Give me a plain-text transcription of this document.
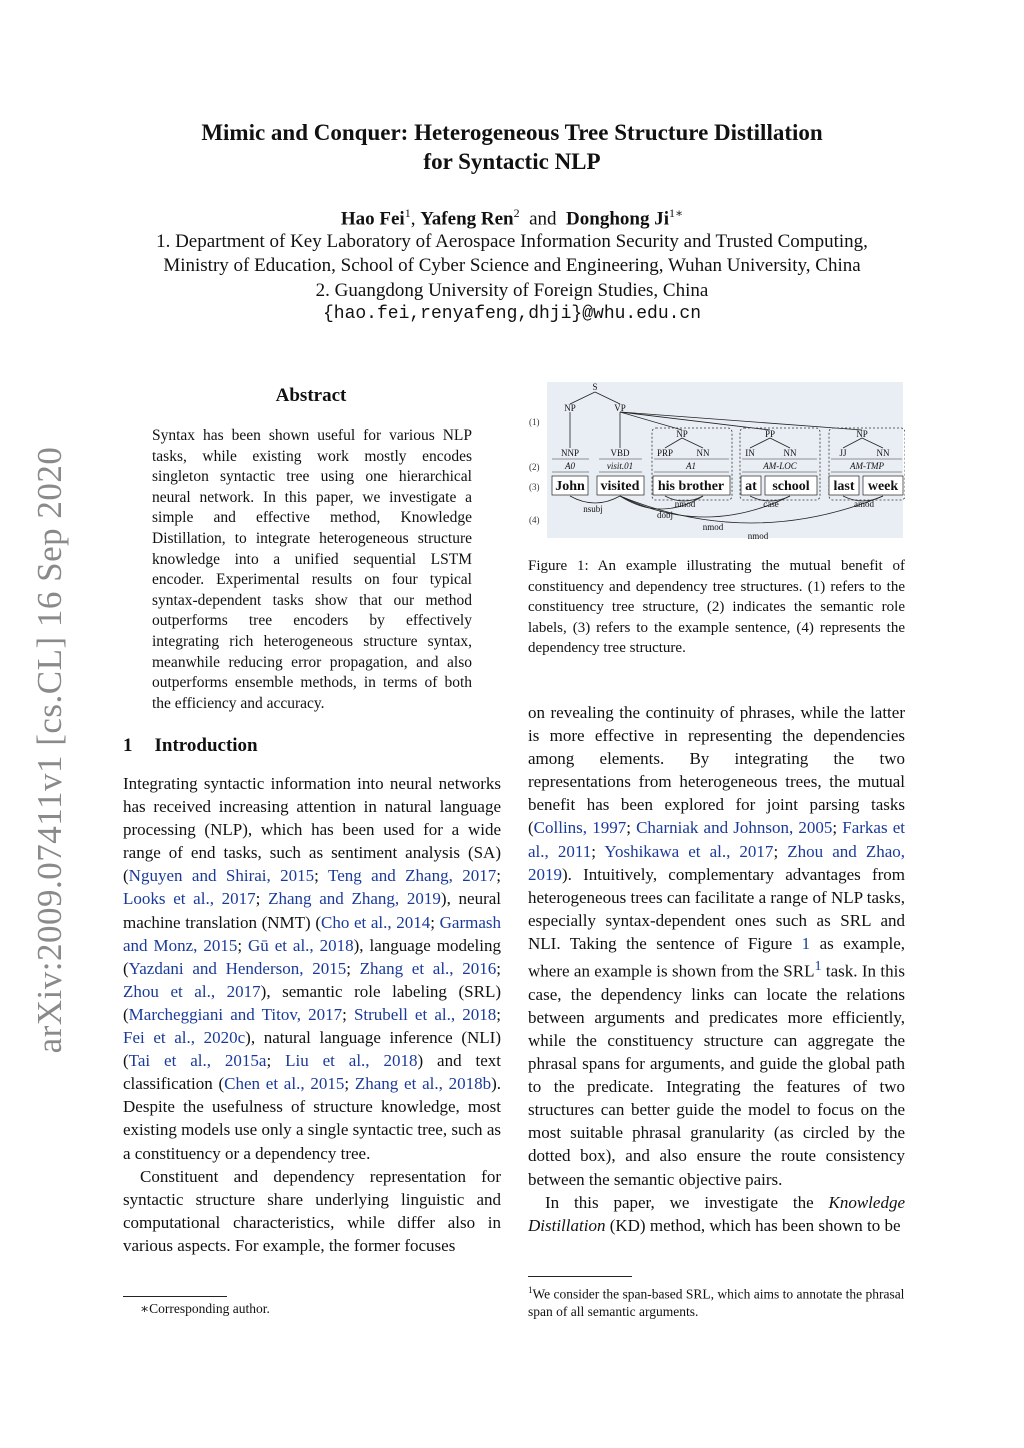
arXiv:2009.07411v1 [cs.CL] 16 Sep 2020
Mimic and Conquer: Heterogeneous Tree Structure Distillation
for Syntactic NLP
Hao Fei$^1$, Yafeng Ren$^2$ and Donghong $Ji^{1∗}$
1. Department of Key Laboratory of Aerospace Information Security and Trusted Computing,
Ministry of Education, School of Cyber Science and Engineering, Wuhan University, China
2. Guangdong University of Foreign Studies, China
{hao.fei,renyafeng,dhji}@whu.edu.cn
Abstract
Syntax has been shown useful for various NLP tasks, while existing work mostly encodes singleton syntactic tree using one hierarchical neural network. In this paper, we investigate a simple and effective method, Knowledge Distillation, to integrate heterogeneous structure knowledge into a unified sequential LSTM encoder. Experimental results on four typical syntax-dependent tasks show that our method outperforms tree encoders by effectively integrating rich heterogeneous structure syntax, meanwhile reducing error propagation, and also outperforms ensemble methods, in terms of both the efficiency and accuracy.
1 Introduction

Integrating syntactic information into neural networks has received increasing attention in natural language processing (NLP), which has been used for a wide range of end tasks, such as sentiment analysis (SA) (Nguyen and Shirai, 2015; Teng and Zhang, 2017; Looks et al., 2017; Zhang and Zhang, 2019), neural machine translation (NMT) (Cho et al., 2014; Garmash and Monz, 2015; Gū et al., 2018), language modeling (Yazdani and Henderson, 2015; Zhang et al., 2016; Zhou et al., 2017), semantic role labeling (SRL) (Marcheggiani and Titov, 2017; Strubell et al., 2018; Fei et al., 2020c), natural language inference (NLI) (Tai et al., 2015a; Liu et al., 2018) and text classification (Chen et al., 2015; Zhang et al., 2018b). Despite the usefulness of structure knowledge, most existing models use only a single syntactic tree, such as a constituency or a dependency tree.

Constituent and dependency representation for syntactic structure share underlying linguistic and computational characteristics, while differ also in various aspects. For example, the former focuses

∗Corresponding author.
(1)
(2)
(3)
(4)
S
NP	VP
NP	PP	NP
NNP	VBD	PRP	NN	IN	NN	JJ	NN
A0	visit.01	A1	AM-LOC	AM-TMP
John visited his brother at school last week
nsubj	nmod
dobj
case	amod
nmod
nmod
Figure 1: An example illustrating the mutual benefit of constituency and dependency tree structures. (1) refers to the constituency tree structure, (2) indicates the semantic role labels, (3) refers to the example sentence, (4) represents the dependency tree structure.

on revealing the continuity of phrases, while the latter is more effective in representing the dependencies among elements. By integrating the two representations from heterogeneous trees, the mutual benefit has been explored for joint parsing tasks (Collins, 1997; Charniak and Johnson, 2005; Farkas et al., 2011; Yoshikawa et al., 2017; Zhou and Zhao, 2019). Intuitively, complementary advantages from heterogeneous trees can facilitate a range of NLP tasks, especially syntax-dependent ones such as SRL and NLI. Taking the sentence of Figure 1 as example, where an example is shown from the SRL$^1$ task. In this case, the dependency links can locate the relations between arguments and predicates more efficiently, while the constituency structure can aggregate the phrasal spans for arguments, and guide the global path to the predicate. Integrating the features of two structures can better guide the model to focus on the most suitable phrasal granularity (as circled by the dotted box), and also ensure the route consistency between the semantic objective pairs.

In this paper, we investigate the Knowledge Distillation (KD) method, which has been shown to be

$^1$We consider the span-based SRL, which aims to annotate the phrasal span of all semantic arguments.
